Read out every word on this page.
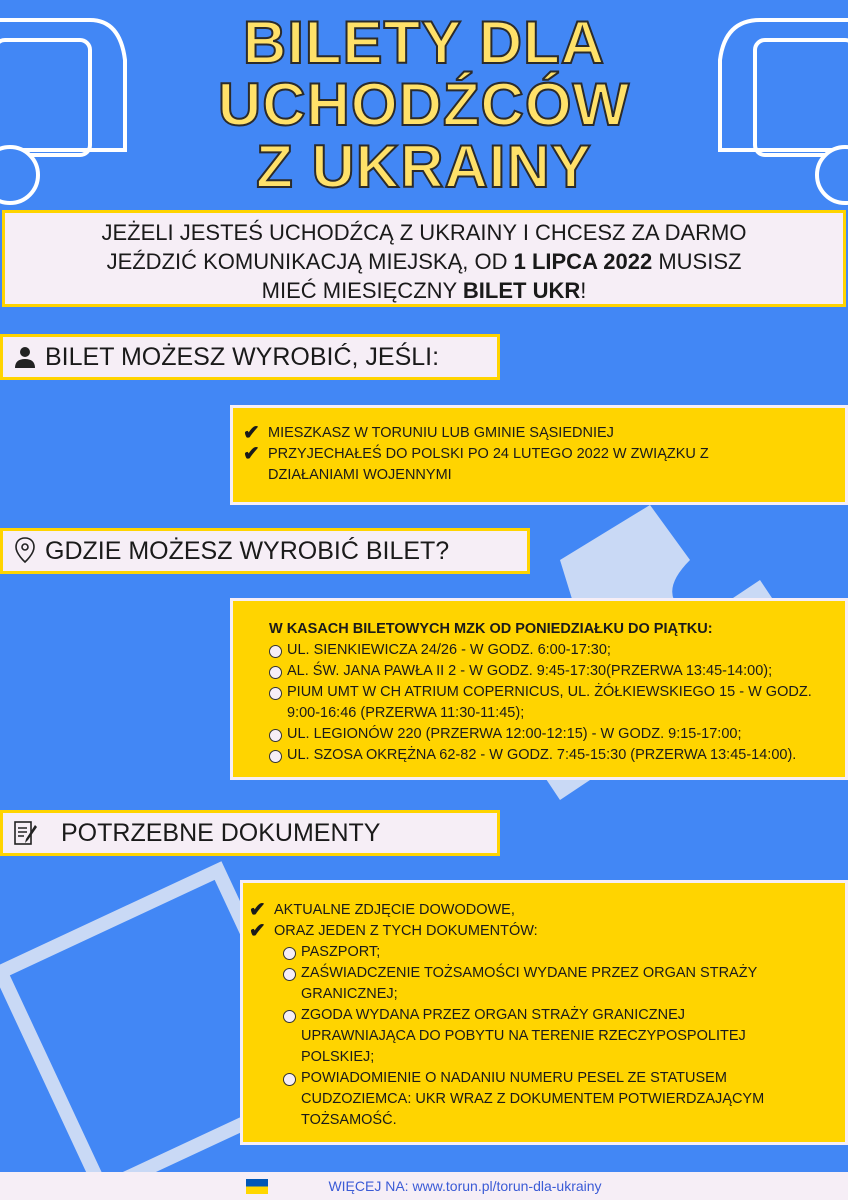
BILETY DLA
UCHODŹCÓW
Z UKRAINY
JEŻELI JESTEŚ UCHODŹCĄ Z UKRAINY I CHCESZ ZA DARMO
JEŹDZIĆ KOMUNIKACJĄ MIEJSKĄ, OD 1 LIPCA 2022 MUSISZ
MIEĆ MIESIĘCZNY BILET UKR!
BILET MOŻESZ WYROBIĆ, JEŚLI:
✔ MIESZKASZ W TORUNIU LUB GMINIE SĄSIEDNIEJ
✔ PRZYJECHAŁEŚ DO POLSKI PO 24 LUTEGO 2022 W ZWIĄZKU Z DZIAŁANIAMI WOJENNYMI
GDZIE MOŻESZ WYROBIĆ BILET?
W KASACH BILETOWYCH MZK OD PONIEDZIAŁKU DO PIĄTKU:
UL. SIENKIEWICZA 24/26 - W GODZ. 6:00-17:30;
AL. ŚW. JANA PAWŁA II 2 - W GODZ. 9:45-17:30(PRZERWA 13:45-14:00);
PIUM UMT W CH ATRIUM COPERNICUS, UL. ŻÓŁKIEWSKIEGO 15 - W GODZ. 9:00-16:46 (PRZERWA 11:30-11:45);
UL. LEGIONÓW 220 (PRZERWA 12:00-12:15) - W GODZ. 9:15-17:00;
UL. SZOSA OKRĘŻNA 62-82 - W GODZ. 7:45-15:30 (PRZERWA 13:45-14:00).
POTRZEBNE DOKUMENTY
✔ AKTUALNE ZDJĘCIE DOWODOWE,
✔ ORAZ JEDEN Z TYCH DOKUMENTÓW:
PASZPORT;
ZAŚWIADCZENIE TOŻSAMOŚCI WYDANE PRZEZ ORGAN STRAŻY GRANICZNEJ;
ZGODA WYDANA PRZEZ ORGAN STRAŻY GRANICZNEJ UPRAWNIAJĄCA DO POBYTU NA TERENIE RZECZYPOSPOLITEJ POLSKIEJ;
POWIADOMIENIE O NADANIU NUMERU PESEL ZE STATUSEM CUDZOZIEMCA: UKR WRAZ Z DOKUMENTEM POTWIERDZAJĄCYM TOŻSAMOŚĆ.
WIĘCEJ NA: www.torun.pl/torun-dla-ukrainy
